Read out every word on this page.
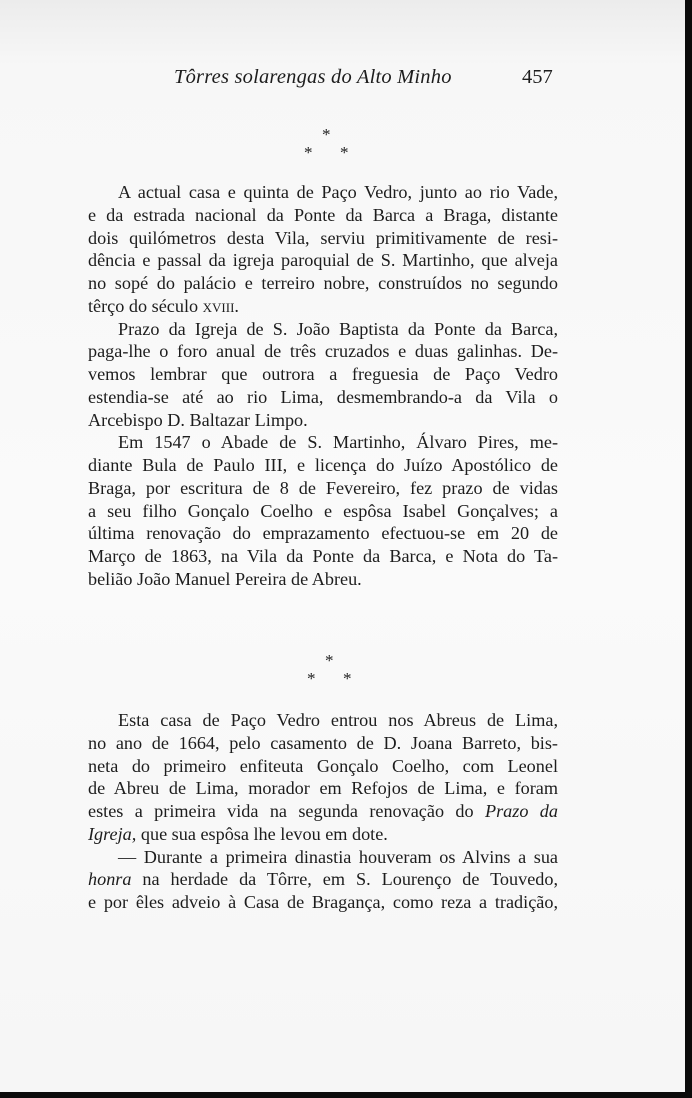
Tôrres solarengas do Alto Minho	457
*
* *
A actual casa e quinta de Paço Vedro, junto ao rio Vade,
e da estrada nacional da Ponte da Barca a Braga, distante
dois quilómetros desta Vila, serviu primitivamente de resi-
dência e passal da igreja paroquial de S. Martinho, que alveja
no sopé do palácio e terreiro nobre, construídos no segundo
têrço do século xviii.
Prazo da Igreja de S. João Baptista da Ponte da Barca,
paga-lhe o foro anual de três cruzados e duas galinhas. De-
vemos lembrar que outrora a freguesia de Paço Vedro
estendia-se até ao rio Lima, desmembrando-a da Vila o
Arcebispo D. Baltazar Limpo.
Em 1547 o Abade de S. Martinho, Álvaro Pires, me-
diante Bula de Paulo III, e licença do Juízo Apostólico de
Braga, por escritura de 8 de Fevereiro, fez prazo de vidas
a seu filho Gonçalo Coelho e espôsa Isabel Gonçalves; a
última renovação do emprazamento efectuou-se em 20 de
Março de 1863, na Vila da Ponte da Barca, e Nota do Ta-
belião João Manuel Pereira de Abreu.
*
* *
Esta casa de Paço Vedro entrou nos Abreus de Lima,
no ano de 1664, pelo casamento de D. Joana Barreto, bis-
neta do primeiro enfiteuta Gonçalo Coelho, com Leonel
de Abreu de Lima, morador em Refojos de Lima, e foram
estes a primeira vida na segunda renovação do Prazo da
Igreja, que sua espôsa lhe levou em dote.
— Durante a primeira dinastia houveram os Alvins a sua
honra na herdade da Tôrre, em S. Lourenço de Touvedo,
e por êles adveio à Casa de Bragança, como reza a tradição,
